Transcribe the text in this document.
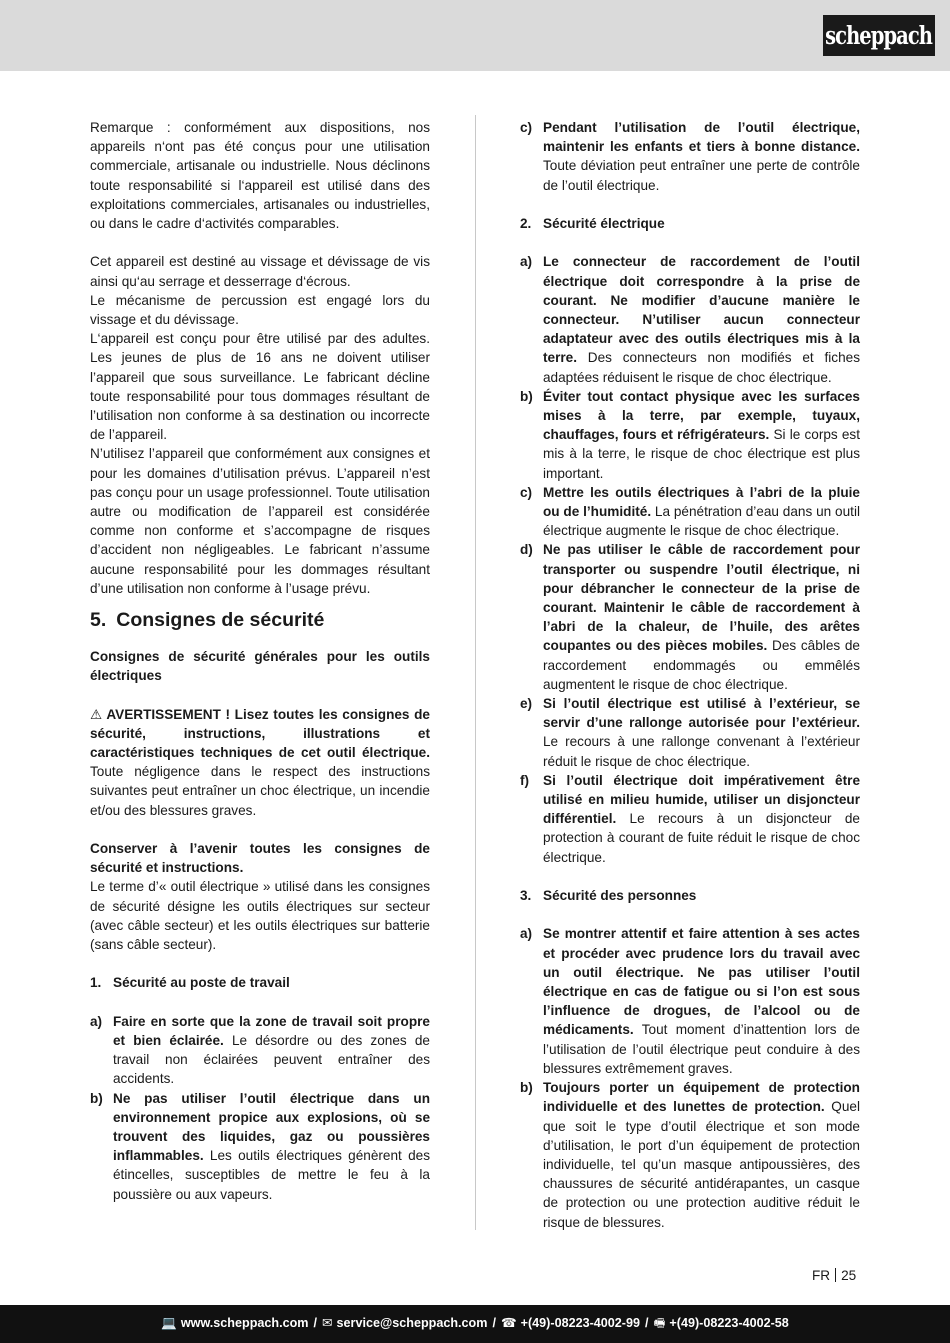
scheppach

Remarque : conformément aux dispositions, nos appareils n‘ont pas été conçus pour une utilisation commerciale, artisanale ou industrielle. Nous déclinons toute responsabilité si l‘appareil est utilisé dans des exploitations commerciales, artisanales ou industrielles, ou dans le cadre d‘activités comparables.

Cet appareil est destiné au vissage et dévissage de vis ainsi qu‘au serrage et desserrage d‘écrous.

Le mécanisme de percussion est engagé lors du vissage et du dévissage.

L‘appareil est conçu pour être utilisé par des adultes. Les jeunes de plus de 16 ans ne doivent utiliser l’appareil que sous surveillance. Le fabricant décline toute responsabilité pour tous dommages résultant de l’utilisation non conforme à sa destination ou incorrecte de l’appareil.

N’utilisez l’appareil que conformément aux consignes et pour les domaines d’utilisation prévus. L’appareil n’est pas conçu pour un usage professionnel. Toute utilisation autre ou modification de l’appareil est considérée comme non conforme et s’accompagne de risques d’accident non négligeables. Le fabricant n’assume aucune responsabilité pour les dommages résultant d’une utilisation non conforme à l’usage prévu.

5. Consignes de sécurité

Consignes de sécurité générales pour les outils électriques

⚠ AVERTISSEMENT ! Lisez toutes les consignes de sécurité, instructions, illustrations et caractéristiques techniques de cet outil électrique. Toute négligence dans le respect des instructions suivantes peut entraîner un choc électrique, un incendie et/ou des blessures graves.

Conserver à l’avenir toutes les consignes de sécurité et instructions.

Le terme d’« outil électrique » utilisé dans les consignes de sécurité désigne les outils électriques sur secteur (avec câble secteur) et les outils électriques sur batterie (sans câble secteur).

1. Sécurité au poste de travail
a) Faire en sorte que la zone de travail soit propre et bien éclairée. Le désordre ou des zones de travail non éclairées peuvent entraîner des accidents.
b) Ne pas utiliser l’outil électrique dans un environnement propice aux explosions, où se trouvent des liquides, gaz ou poussières inflammables. Les outils électriques génèrent des étincelles, susceptibles de mettre le feu à la poussière ou aux vapeurs.
c) Pendant l’utilisation de l’outil électrique, maintenir les enfants et tiers à bonne distance. Toute déviation peut entraîner une perte de contrôle de l’outil électrique.
2. Sécurité électrique
a) Le connecteur de raccordement de l’outil électrique doit correspondre à la prise de courant. Ne modifier d’aucune manière le connecteur. N’utiliser aucun connecteur adaptateur avec des outils électriques mis à la terre. Des connecteurs non modifiés et fiches adaptées réduisent le risque de choc électrique.
b) Éviter tout contact physique avec les surfaces mises à la terre, par exemple, tuyaux, chauffages, fours et réfrigérateurs. Si le corps est mis à la terre, le risque de choc électrique est plus important.
c) Mettre les outils électriques à l’abri de la pluie ou de l’humidité. La pénétration d’eau dans un outil électrique augmente le risque de choc électrique.
d) Ne pas utiliser le câble de raccordement pour transporter ou suspendre l’outil électrique, ni pour débrancher le connecteur de la prise de courant. Maintenir le câble de raccordement à l’abri de la chaleur, de l’huile, des arêtes coupantes ou des pièces mobiles. Des câbles de raccordement endommagés ou emmêlés augmentent le risque de choc électrique.
e) Si l’outil électrique est utilisé à l’extérieur, se servir d’une rallonge autorisée pour l’extérieur. Le recours à une rallonge convenant à l’extérieur réduit le risque de choc électrique.
f)	Si l’outil électrique doit impérativement être utilisé en milieu humide, utiliser un disjoncteur différentiel. Le recours à un disjoncteur de protection à courant de fuite réduit le risque de choc électrique.
3. Sécurité des personnes
a) Se montrer attentif et faire attention à ses actes et procéder avec prudence lors du travail avec un outil électrique. Ne pas utiliser l’outil électrique en cas de fatigue ou si l’on est sous l’influence de drogues, de l’alcool ou de médicaments. Tout moment d’inattention lors de l’utilisation de l’outil électrique peut conduire à des blessures extrêmement graves.
b) Toujours porter un équipement de protection individuelle et des lunettes de protection. Quel que soit le type d’outil électrique et son mode d’utilisation, le port d’un équipement de protection individuelle, tel qu’un masque antipoussières, des chaussures de sécurité antidérapantes, un casque de protection ou une protection auditive réduit le risque de blessures.
FR 25
💻 www.scheppach.com / ✉ service@scheppach.com / ☎ +(49)-08223-4002-99 / 🖷 +(49)-08223-4002-58
